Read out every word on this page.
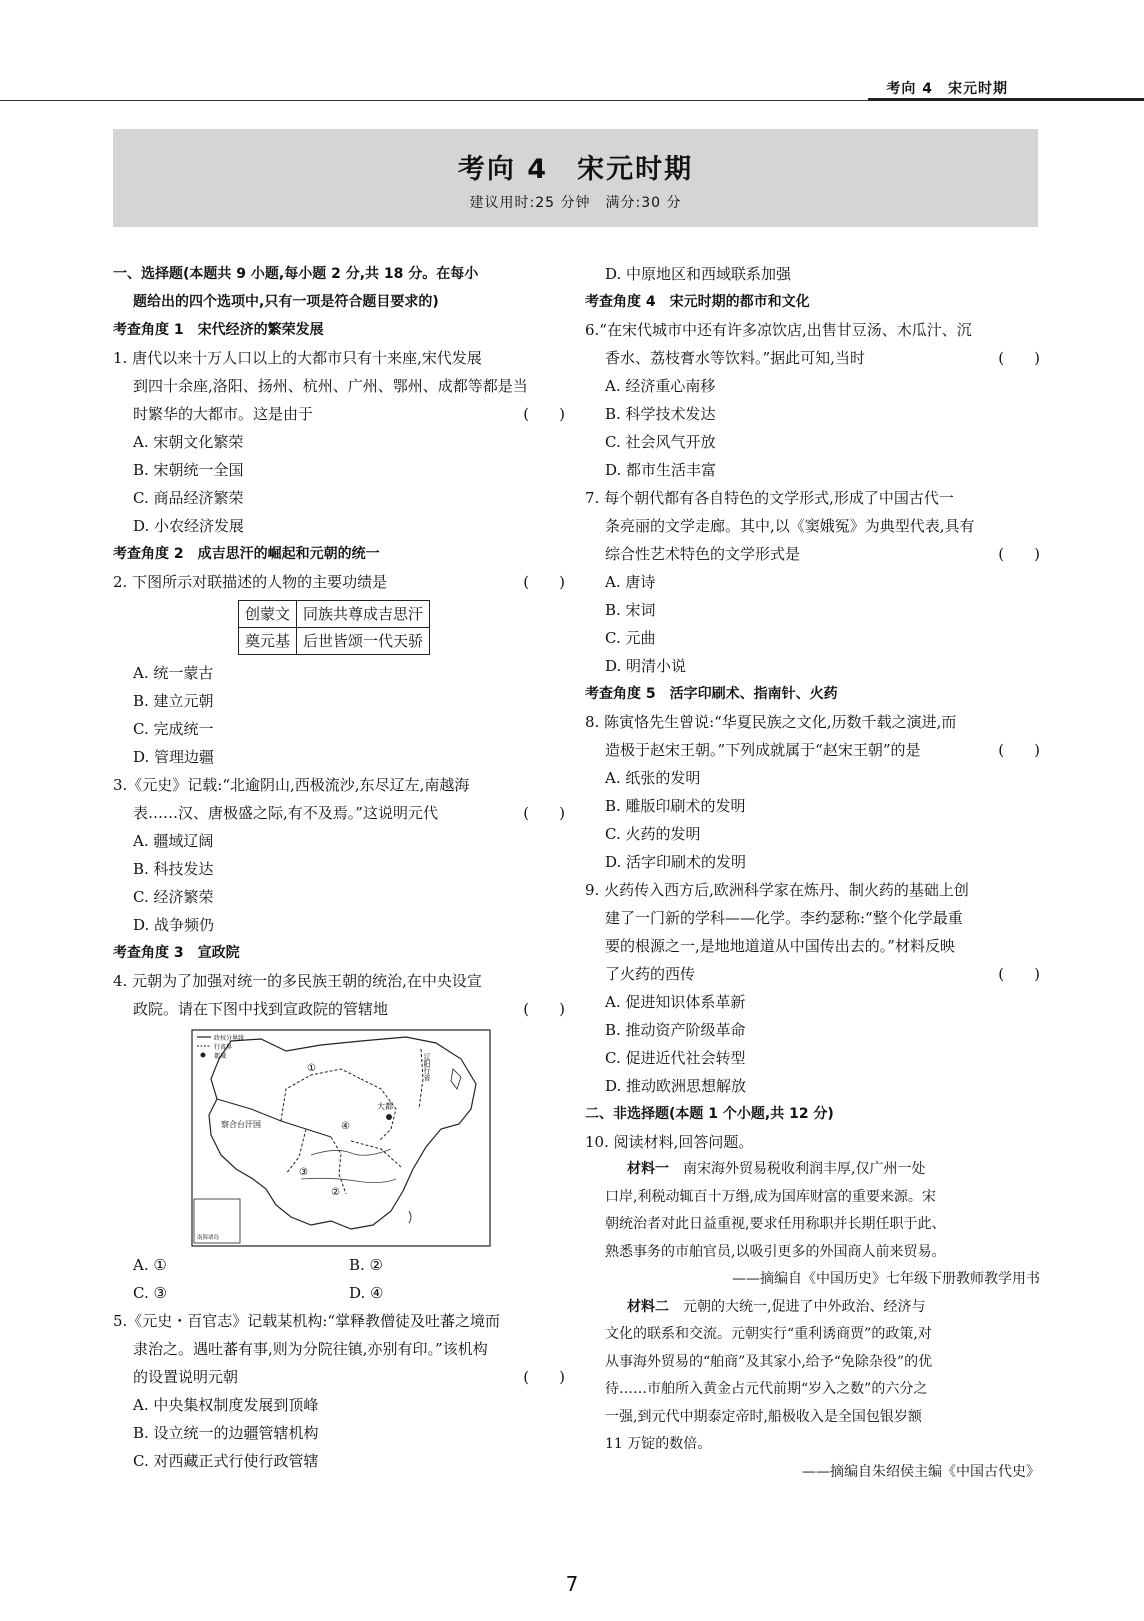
考向 4　宋元时期
考向 4　宋元时期
建议用时:25 分钟　满分:30 分
一、选择题(本题共 9 小题,每小题 2 分,共 18 分。在每小
题给出的四个选项中,只有一项是符合题目要求的)
考查角度 1　宋代经济的繁荣发展
1. 唐代以来十万人口以上的大都市只有十来座,宋代发展
到四十余座,洛阳、扬州、杭州、广州、鄂州、成都等都是当
时繁华的大都市。这是由于	(　　)
A. 宋朝文化繁荣
B. 宋朝统一全国
C. 商品经济繁荣
D. 小农经济发展
考查角度 2　成吉思汗的崛起和元朝的统一
2. 下图所示对联描述的人物的主要功绩是	(　　)
创蒙文	同族共尊成吉思汗
奠元基	后世皆颂一代天骄
A. 统一蒙古
B. 建立元朝
C. 完成统一
D. 管理边疆
3.《元史》记载:“北逾阴山,西极流沙,东尽辽左,南越海
表……汉、唐极盛之际,有不及焉。”这说明元代	(　　)
A. 疆域辽阔
B. 科技发达
C. 经济繁荣
D. 战争频仍
考查角度 3　宣政院
4. 元朝为了加强对统一的多民族王朝的统治,在中央设宣
政院。请在下图中找到宣政院的管辖地	(　　)
政权分界线
行省界
都城
大都
察合台汗国
①
②
③
④
辽阳行省
南海诸岛
A. ①	B. ②
C. ③	D. ④
5.《元史・百官志》记载某机构:“掌释教僧徒及吐蕃之境而
隶治之。遇吐蕃有事,则为分院往镇,亦别有印。”该机构
的设置说明元朝	(　　)
A. 中央集权制度发展到顶峰
B. 设立统一的边疆管辖机构
C. 对西藏正式行使行政管辖
D. 中原地区和西域联系加强
考查角度 4　宋元时期的都市和文化
6.“在宋代城市中还有许多凉饮店,出售甘豆汤、木瓜汁、沉
香水、荔枝膏水等饮料。”据此可知,当时	(　　)
A. 经济重心南移
B. 科学技术发达
C. 社会风气开放
D. 都市生活丰富
7. 每个朝代都有各自特色的文学形式,形成了中国古代一
条亮丽的文学走廊。其中,以《窦娥冤》为典型代表,具有
综合性艺术特色的文学形式是	(　　)
A. 唐诗
B. 宋词
C. 元曲
D. 明清小说
考查角度 5　活字印刷术、指南针、火药
8. 陈寅恪先生曾说:“华夏民族之文化,历数千载之演进,而
造极于赵宋王朝。”下列成就属于“赵宋王朝”的是	(　　)
A. 纸张的发明
B. 雕版印刷术的发明
C. 火药的发明
D. 活字印刷术的发明
9. 火药传入西方后,欧洲科学家在炼丹、制火药的基础上创
建了一门新的学科——化学。李约瑟称:“整个化学最重
要的根源之一,是地地道道从中国传出去的。”材料反映
了火药的西传	(　　)
A. 促进知识体系革新
B. 推动资产阶级革命
C. 促进近代社会转型
D. 推动欧洲思想解放
二、非选择题(本题 1 个小题,共 12 分)
10. 阅读材料,回答问题。
材料一　 南宋海外贸易税收利润丰厚,仅广州一处
口岸,利税动辄百十万缗,成为国库财富的重要来源。宋
朝统治者对此日益重视,要求任用称职并长期任职于此、
熟悉事务的市舶官员,以吸引更多的外国商人前来贸易。
——摘编自《中国历史》七年级下册教师教学用书
材料二　 元朝的大统一,促进了中外政治、经济与
文化的联系和交流。元朝实行“重利诱商贾”的政策,对
从事海外贸易的“舶商”及其家小,给予“免除杂役”的优
待……市舶所入黄金占元代前期“岁入之数”的六分之
一强,到元代中期泰定帝时,船极收入是全国包银岁额
11 万锭的数倍。
——摘编自朱绍侯主编《中国古代史》
7
